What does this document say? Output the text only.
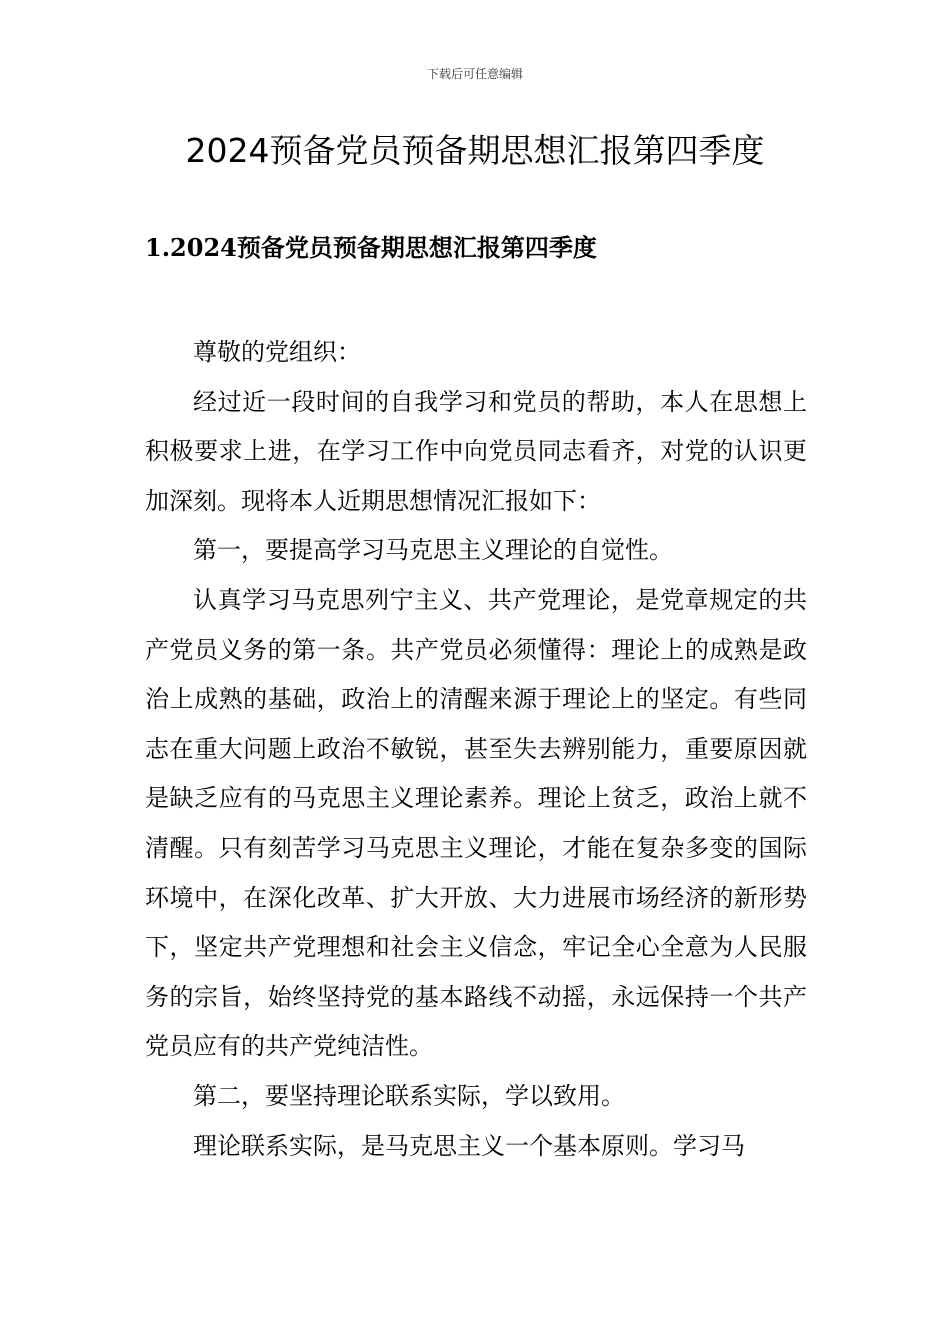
下载后可任意编辑
2024预备党员预备期思想汇报第四季度
1.2024预备党员预备期思想汇报第四季度

尊敬的党组织：

经过近一段时间的自我学习和党员的帮助，本人在思想上积极要求上进，在学习工作中向党员同志看齐，对党的认识更加深刻。现将本人近期思想情况汇报如下：

第一，要提高学习马克思主义理论的自觉性。

认真学习马克思列宁主义、共产党理论，是党章规定的共产党员义务的第一条。共产党员必须懂得：理论上的成熟是政治上成熟的基础，政治上的清醒来源于理论上的坚定。有些同志在重大问题上政治不敏锐，甚至失去辨别能力，重要原因就是缺乏应有的马克思主义理论素养。理论上贫乏，政治上就不清醒。只有刻苦学习马克思主义理论，才能在复杂多变的国际环境中，在深化改革、扩大开放、大力进展市场经济的新形势下，坚定共产党理想和社会主义信念，牢记全心全意为人民服务的宗旨，始终坚持党的基本路线不动摇，永远保持一个共产党员应有的共产党纯洁性。

第二，要坚持理论联系实际，学以致用。

理论联系实际，是马克思主义一个基本原则。学习马
